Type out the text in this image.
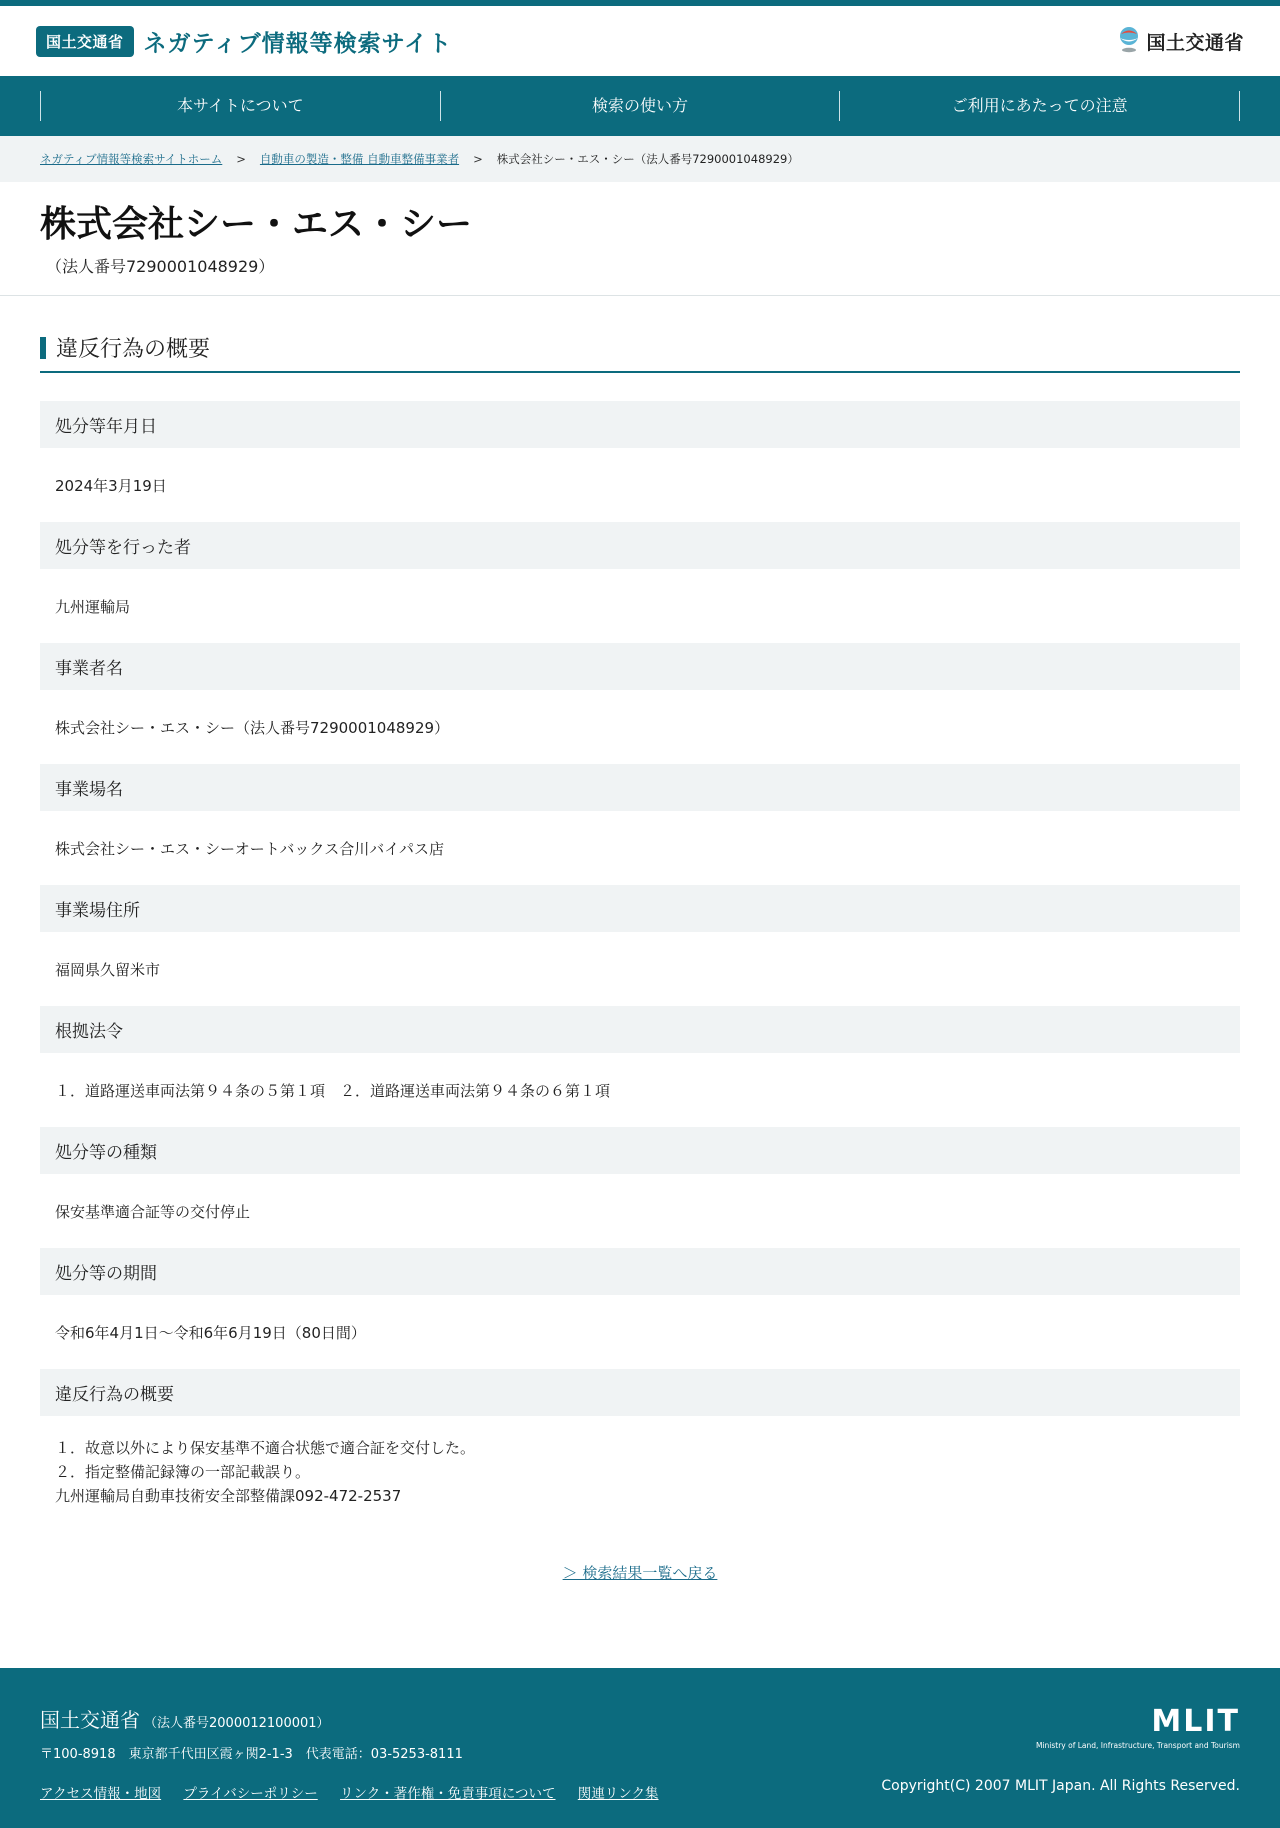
国土交通省 ネガティブ情報等検索サイト	国土交通省
本サイトについて	検索の使い方	ご利用にあたっての注意
ネガティブ情報等検索サイトホーム > 自動車の製造・整備 自動車整備事業者 > 株式会社シー・エス・シー（法人番号7290001048929）
株式会社シー・エス・シー
（法人番号7290001048929）
違反行為の概要
処分等年月日
2024年3月19日
処分等を行った者
九州運輸局
事業者名
株式会社シー・エス・シー（法人番号7290001048929）
事業場名
株式会社シー・エス・シーオートバックス合川バイパス店
事業場住所
福岡県久留米市
根拠法令
１．道路運送車両法第９４条の５第１項　２．道路運送車両法第９４条の６第１項
処分等の種類
保安基準適合証等の交付停止
処分等の期間
令和6年4月1日～令和6年6月19日（80日間）
違反行為の概要
１．故意以外により保安基準不適合状態で適合証を交付した。
２．指定整備記録簿の一部記載誤り。
九州運輸局自動車技術安全部整備課092-472-2537
＞ 検索結果一覧へ戻る
国土交通省 （法人番号2000012100001）
〒100-8918　東京都千代田区霞ヶ関2-1-3　代表電話：03-5253-8111
アクセス情報・地図 プライバシーポリシー リンク・著作権・免責事項について 関連リンク集
MLIT
Ministry of Land, Infrastructure, Transport and Tourism
Copyright(C) 2007 MLIT Japan. All Rights Reserved.
